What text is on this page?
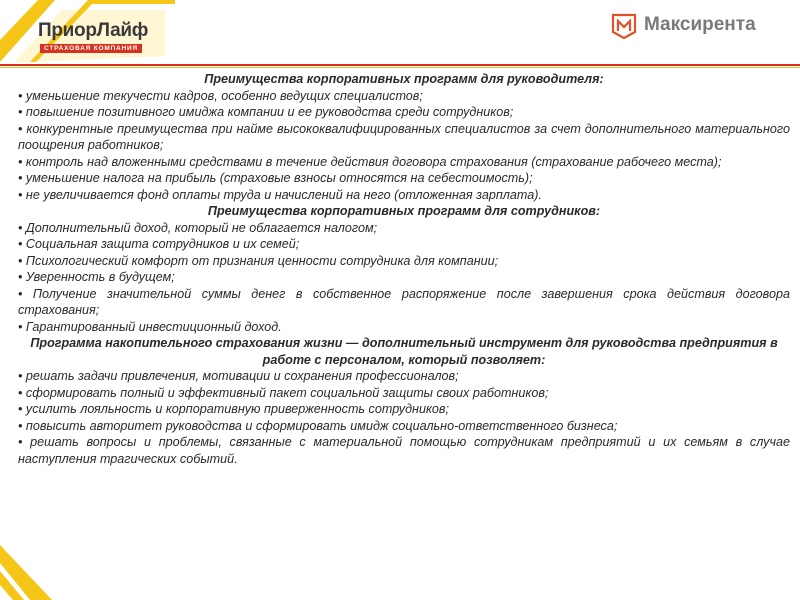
ПриорЛайф
СТРАХОВАЯ КОМПАНИЯ
Максирента
Преимущества корпоративных программ для руководителя:
• уменьшение текучести кадров, особенно ведущих специалистов;
• повышение позитивного имиджа компании и ее руководства среди сотрудников;
• конкурентные преимущества при найме высококвалифицированных специалистов за счет дополнительного материального поощрения работников;
• контроль над вложенными средствами в течение действия договора страхования (страхование рабочего места);
• уменьшение налога на прибыль (страховые взносы относятся на себестоимость);
• не увеличивается фонд оплаты труда и начислений на него (отложенная зарплата).
Преимущества корпоративных программ для сотрудников:
• Дополнительный доход, который не облагается налогом;
• Социальная защита сотрудников и их семей;
• Психологический комфорт от признания ценности сотрудника для компании;
• Уверенность в будущем;
• Получение значительной суммы денег в собственное распоряжение после завершения срока действия договора страхования;
• Гарантированный инвестиционный доход.
Программа накопительного страхования жизни — дополнительный инструмент для руководства предприятия в работе с персоналом, который позволяет:
• решать задачи привлечения, мотивации и сохранения профессионалов;
• сформировать полный и эффективный пакет социальной защиты своих работников;
• усилить лояльность и корпоративную приверженность сотрудников;
• повысить авторитет руководства и сформировать имидж социально-ответственного бизнеса;
• решать вопросы и проблемы, связанные с материальной помощью сотрудникам предприятий и их семьям в случае наступления трагических событий.
